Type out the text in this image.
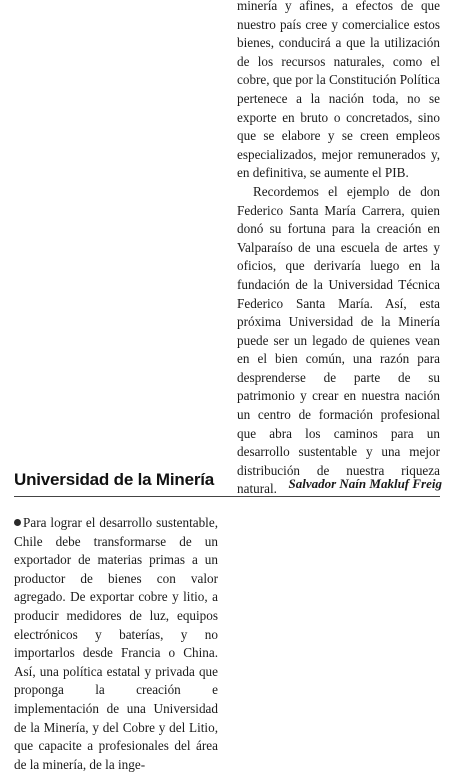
minería y afines, a efectos de que nuestro país cree y comercialice estos bienes, conducirá a que la utilización de los recursos naturales, como el cobre, que por la Constitución Política pertenece a la nación toda, no se exporte en bruto o concretados, sino que se elabore y se creen empleos especializados, mejor remunerados y, en definitiva, se aumente el PIB.

Recordemos el ejemplo de don Federico Santa María Carrera, quien donó su fortuna para la creación en Valparaíso de una escuela de artes y oficios, que derivaría luego en la fundación de la Universidad Técnica Federico Santa María. Así, esta próxima Universidad de la Minería puede ser un legado de quienes vean en el bien común, una razón para desprenderse de parte de su patrimonio y crear en nuestra nación un centro de formación profesional que abra los caminos para un desarrollo sustentable y una mejor distribución de nuestra riqueza natural. Salvador Naín Makluf Freig
Universidad de la Minería

Para lograr el desarrollo sustentable, Chile debe transformarse de un exportador de materias primas a un productor de bienes con valor agregado. De exportar cobre y litio, a producir medidores de luz, equipos electrónicos y baterías, y no importarlos desde Francia o China. Así, una política estatal y privada que proponga la creación e implementación de una Universidad de la Minería, y del Cobre y del Litio, que capacite a profesionales del área de la minería, de la inge-
